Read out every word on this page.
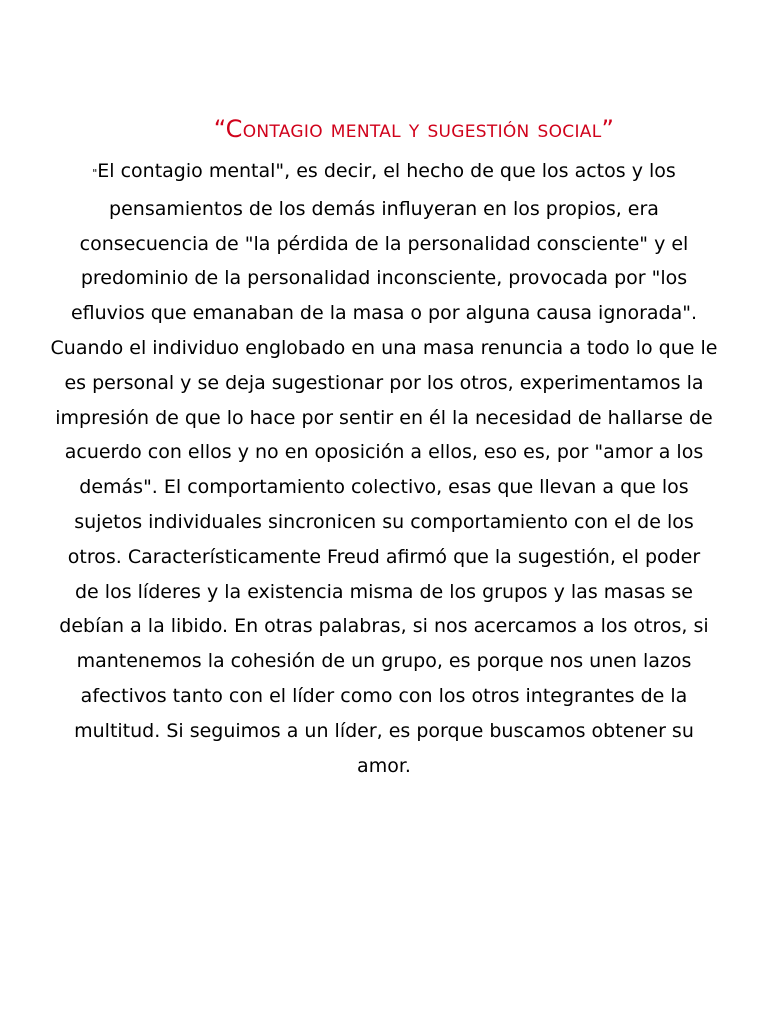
“Contagio mental y sugestión social”
"El contagio mental", es decir, el hecho de que los actos y los
pensamientos de los demás influyeran en los propios, era
consecuencia de "la pérdida de la personalidad consciente" y el
predominio de la personalidad inconsciente, provocada por "los
efluvios que emanaban de la masa o por alguna causa ignorada".
Cuando el individuo englobado en una masa renuncia a todo lo que le
es personal y se deja sugestionar por los otros, experimentamos la
impresión de que lo hace por sentir en él la necesidad de hallarse de
acuerdo con ellos y no en oposición a ellos, eso es, por "amor a los
demás". El comportamiento colectivo, esas que llevan a que los
sujetos individuales sincronicen su comportamiento con el de los
otros. Característicamente Freud afirmó que la sugestión, el poder
de los líderes y la existencia misma de los grupos y las masas se
debían a la libido. En otras palabras, si nos acercamos a los otros, si
mantenemos la cohesión de un grupo, es porque nos unen lazos
afectivos tanto con el líder como con los otros integrantes de la
multitud. Si seguimos a un líder, es porque buscamos obtener su
amor.
